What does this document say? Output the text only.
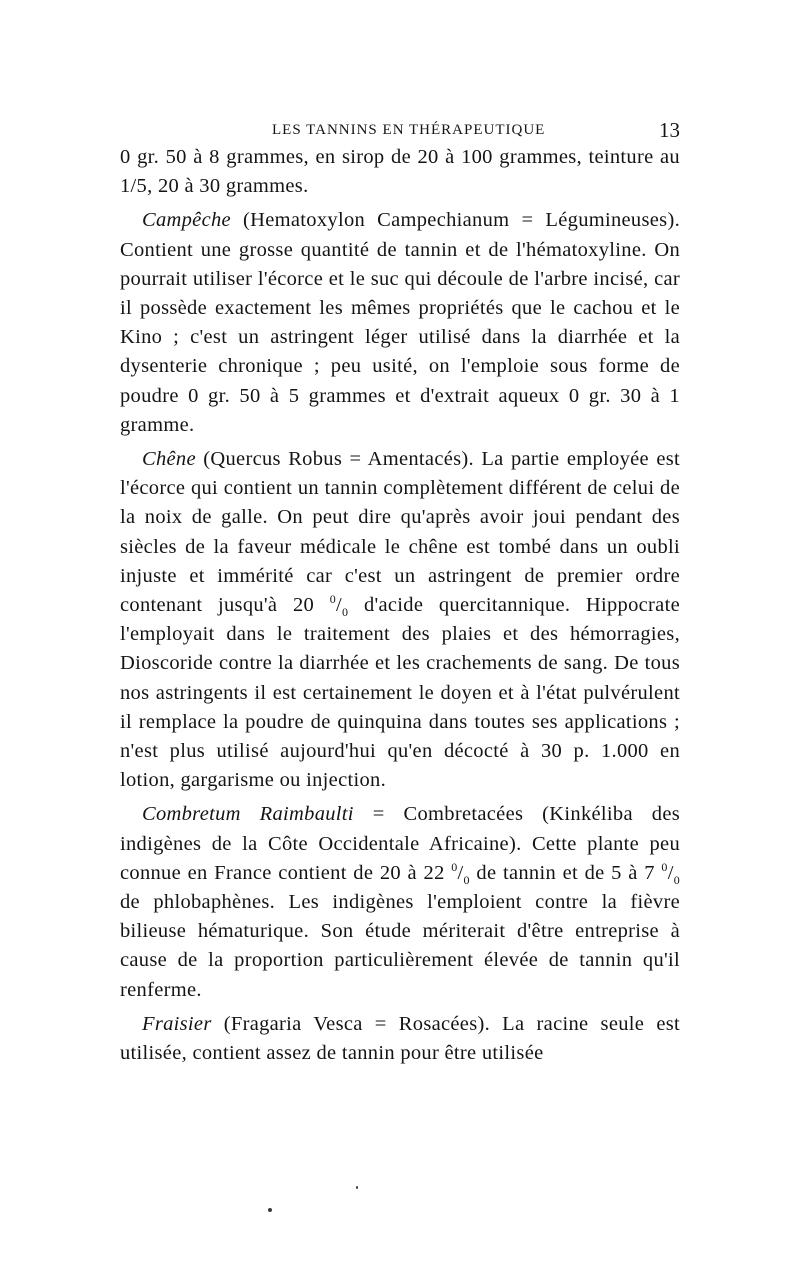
LES TANNINS EN THÉRAPEUTIQUE	13

0 gr. 50 à 8 grammes, en sirop de 20 à 100 grammes, teinture au 1/5, 20 à 30 grammes.

Campêche (Hematoxylon Campechianum = Légumineuses). Contient une grosse quantité de tannin et de l'hématoxyline. On pourrait utiliser l'écorce et le suc qui découle de l'arbre incisé, car il possède exactement les mêmes propriétés que le cachou et le Kino ; c'est un astringent léger utilisé dans la diarrhée et la dysenterie chronique ; peu usité, on l'emploie sous forme de poudre 0 gr. 50 à 5 grammes et d'extrait aqueux 0 gr. 30 à 1 gramme.

Chêne (Quercus Robus = Amentacés). La partie employée est l'écorce qui contient un tannin complètement différent de celui de la noix de galle. On peut dire qu'après avoir joui pendant des siècles de la faveur médicale le chêne est tombé dans un oubli injuste et immérité car c'est un astringent de premier ordre contenant jusqu'à 20 $^0/_0$ d'acide quercitannique. Hippocrate l'employait dans le traitement des plaies et des hémorragies, Dioscoride contre la diarrhée et les crachements de sang. De tous nos astringents il est certainement le doyen et à l'état pulvérulent il remplace la poudre de quinquina dans toutes ses applications ; n'est plus utilisé aujourd'hui qu'en décocté à 30 p. 1.000 en lotion, gargarisme ou injection.

Combretum Raimbaulti = Combretacées (Kinkéliba des indigènes de la Côte Occidentale Africaine). Cette plante peu connue en France contient de 20 à 22 $^0/_0$ de tannin et de 5 à 7 $^0/_0$ de phlobaphènes. Les indigènes l'emploient contre la fièvre bilieuse hématurique. Son étude mériterait d'être entreprise à cause de la proportion particulièrement élevée de tannin qu'il renferme.

Fraisier (Fragaria Vesca = Rosacées). La racine seule est utilisée, contient assez de tannin pour être utilisée
